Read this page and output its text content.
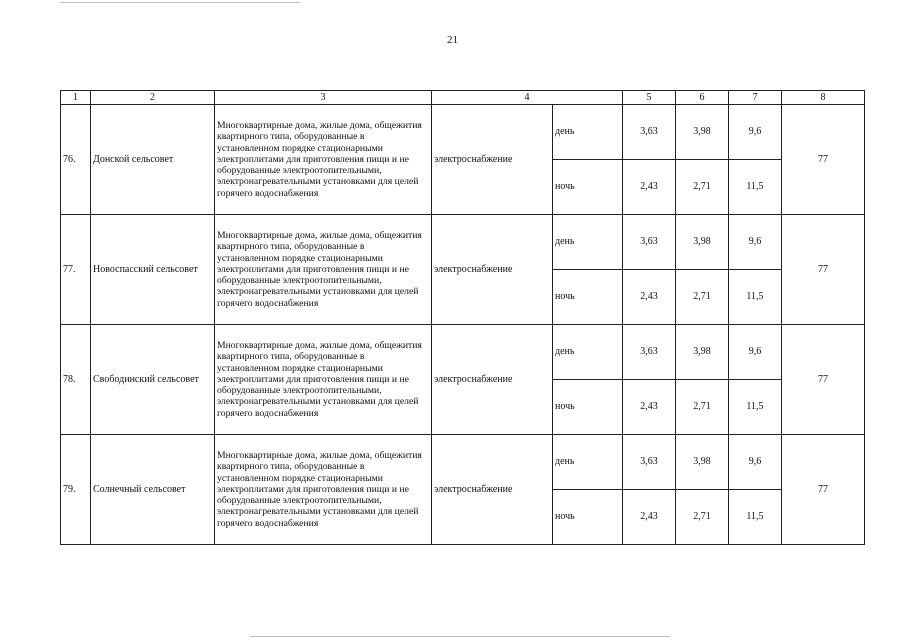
21
1	2	3	4		5	6	7	8
76.	Донской сельсовет	Многоквартирные дома, жилые дома, общежития квартирного типа, оборудованные в установленном порядке стационарными электроплитами для приготовления пищи и не оборудованные электроотопительными, электронагревательными установками для целей горячего водоснабжения	электроснабжение	день	3,63	3,98	9,6	77
				ночь	2,43	2,71	11,5	
77.	Новоспасский сельсовет	Многоквартирные дома, жилые дома, общежития квартирного типа, оборудованные в установленном порядке стационарными электроплитами для приготовления пищи и не оборудованные электроотопительными, электронагревательными установками для целей горячего водоснабжения	электроснабжение	день	3,63	3,98	9,6	77
				ночь	2,43	2,71	11,5	
78.	Свободинский сельсовет	Многоквартирные дома, жилые дома, общежития квартирного типа, оборудованные в установленном порядке стационарными электроплитами для приготовления пищи и не оборудованные электроотопительными, электронагревательными установками для целей горячего водоснабжения	электроснабжение	день	3,63	3,98	9,6	77
				ночь	2,43	2,71	11,5	
79.	Солнечный сельсовет	Многоквартирные дома, жилые дома, общежития квартирного типа, оборудованные в установленном порядке стационарными электроплитами для приготовления пищи и не оборудованные электроотопительными, электронагревательными установками для целей горячего водоснабжения	электроснабжение	день	3,63	3,98	9,6	77
				ночь	2,43	2,71	11,5	
